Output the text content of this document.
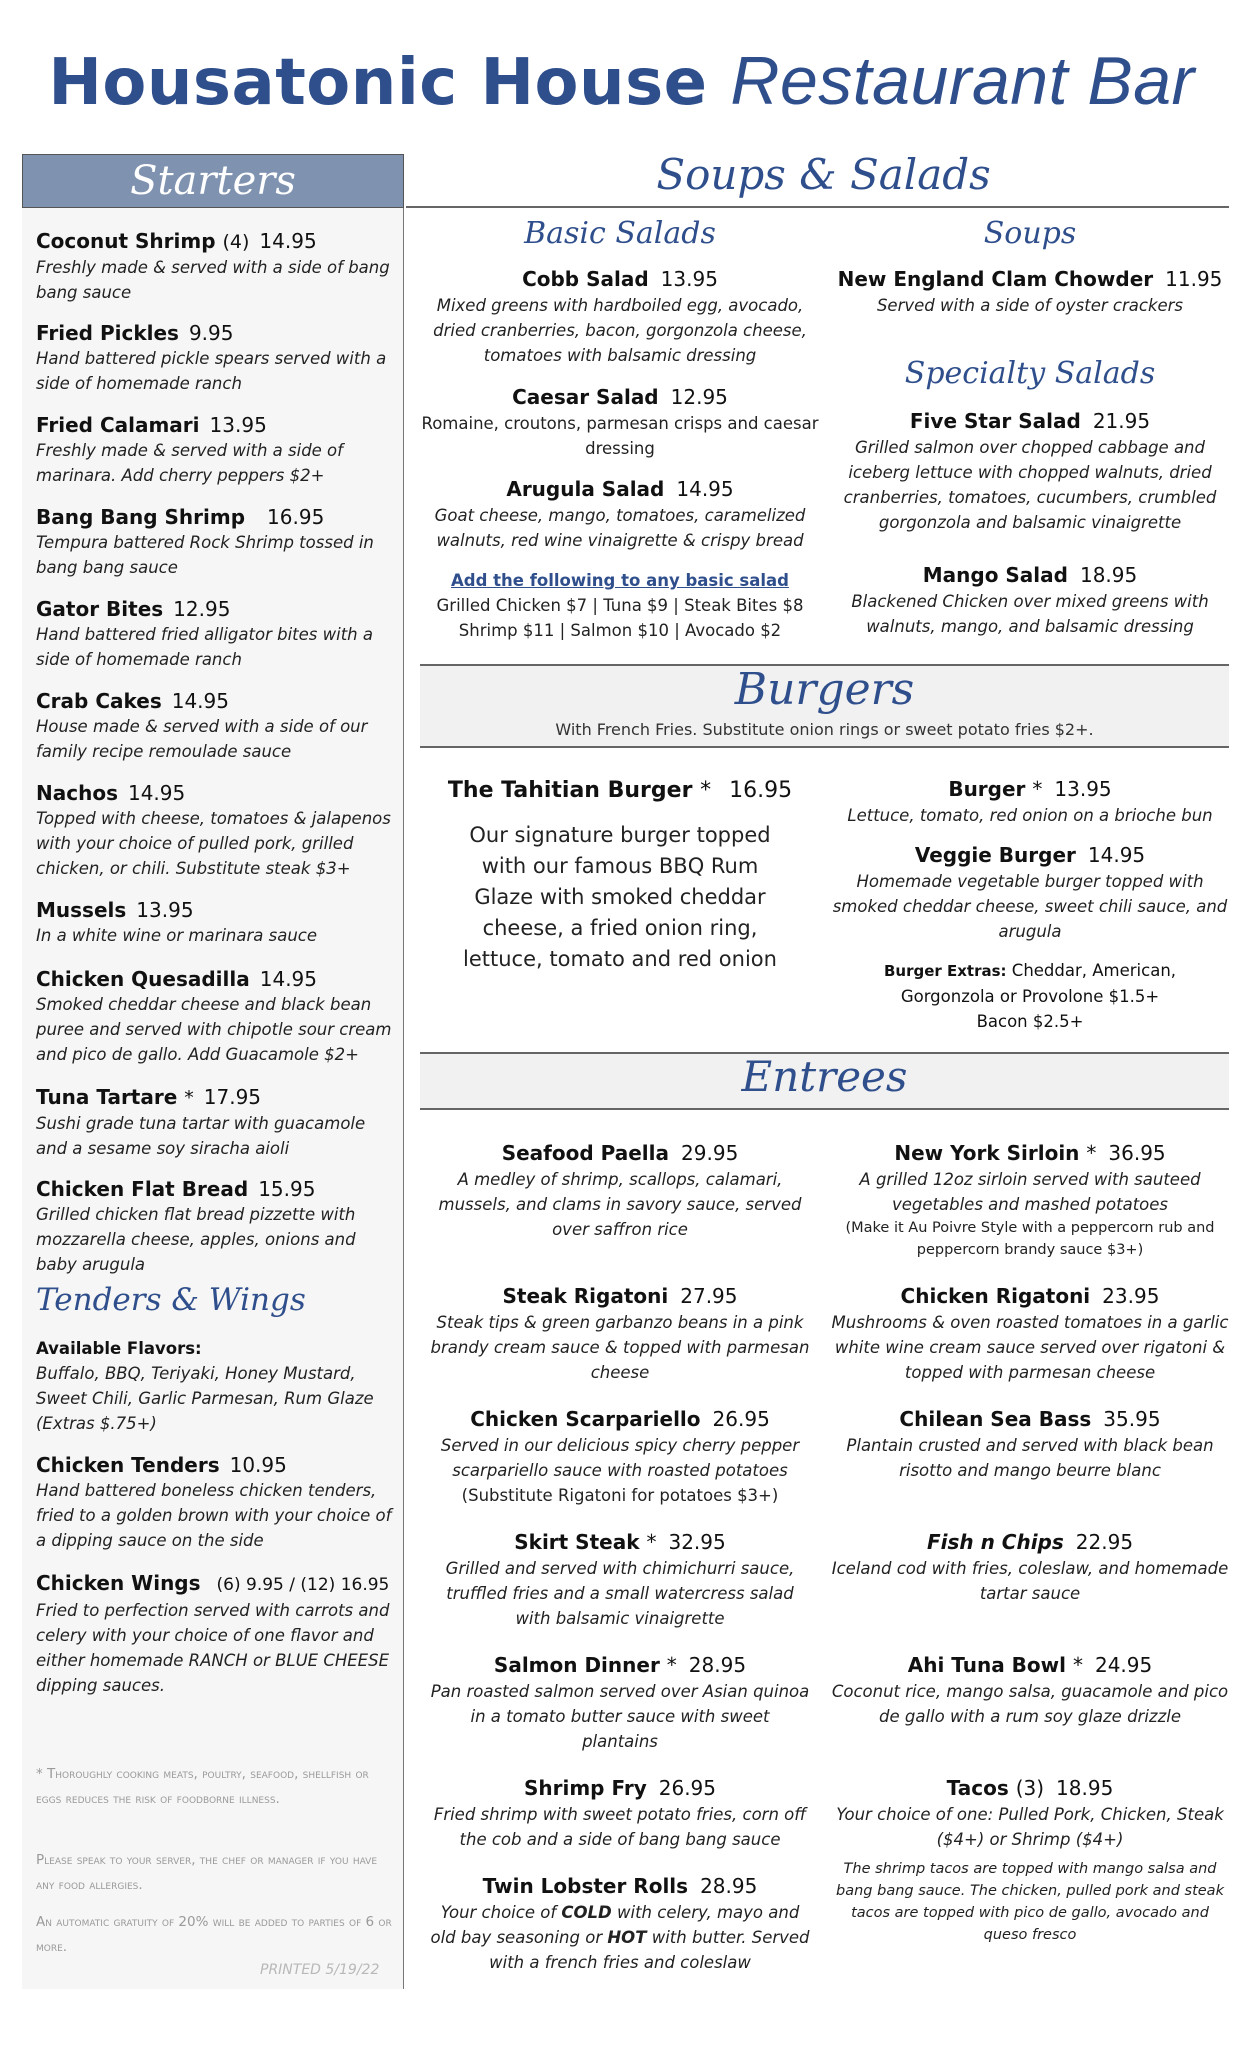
Housatonic House Restaurant Bar
Starters
Coconut Shrimp (4) 14.95
Freshly made & served with a side of bang bang sauce
Fried Pickles 9.95
Hand battered pickle spears served with a side of homemade ranch
Fried Calamari 13.95
Freshly made & served with a side of marinara. Add cherry peppers $2+
Bang Bang Shrimp 16.95
Tempura battered Rock Shrimp tossed in bang bang sauce
Gator Bites 12.95
Hand battered fried alligator bites with a side of homemade ranch
Crab Cakes 14.95
House made & served with a side of our family recipe remoulade sauce
Nachos 14.95
Topped with cheese, tomatoes & jalapenos with your choice of pulled pork, grilled chicken, or chili. Substitute steak $3+
Mussels 13.95
In a white wine or marinara sauce
Chicken Quesadilla 14.95
Smoked cheddar cheese and black bean puree and served with chipotle sour cream and pico de gallo. Add Guacamole $2+
Tuna Tartare * 17.95
Sushi grade tuna tartar with guacamole and a sesame soy siracha aioli
Chicken Flat Bread 15.95
Grilled chicken flat bread pizzette with mozzarella cheese, apples, onions and baby arugula
Tenders & Wings
Available Flavors:
Buffalo, BBQ, Teriyaki, Honey Mustard, Sweet Chili, Garlic Parmesan, Rum Glaze (Extras $.75+)
Chicken Tenders 10.95
Hand battered boneless chicken tenders, fried to a golden brown with your choice of a dipping sauce on the side
Chicken Wings (6) 9.95 / (12) 16.95
Fried to perfection served with carrots and celery with your choice of one flavor and either homemade RANCH or BLUE CHEESE dipping sauces.
* Thoroughly cooking meats, poultry, seafood, shellfish or eggs reduces the risk of foodborne illness.
Please speak to your server, the chef or manager if you have any food allergies.
An automatic gratuity of 20% will be added to parties of 6 or more.
PRINTED 5/19/22
Soups & Salads
Basic Salads
Cobb Salad 13.95
Mixed greens with hardboiled egg, avocado, dried cranberries, bacon, gorgonzola cheese, tomatoes with balsamic dressing
Caesar Salad 12.95
Romaine, croutons, parmesan crisps and caesar dressing
Arugula Salad 14.95
Goat cheese, mango, tomatoes, caramelized walnuts, red wine vinaigrette & crispy bread
Add the following to any basic salad
Grilled Chicken $7 | Tuna $9 | Steak Bites $8
Shrimp $11 | Salmon $10 | Avocado $2
Soups
New England Clam Chowder 11.95
Served with a side of oyster crackers
Specialty Salads
Five Star Salad 21.95
Grilled salmon over chopped cabbage and iceberg lettuce with chopped walnuts, dried cranberries, tomatoes, cucumbers, crumbled gorgonzola and balsamic vinaigrette
Mango Salad 18.95
Blackened Chicken over mixed greens with walnuts, mango, and balsamic dressing
Burgers
With French Fries. Substitute onion rings or sweet potato fries $2+.
The Tahitian Burger * 16.95
Our signature burger topped with our famous BBQ Rum Glaze with smoked cheddar cheese, a fried onion ring, lettuce, tomato and red onion
Burger * 13.95
Lettuce, tomato, red onion on a brioche bun
Veggie Burger 14.95
Homemade vegetable burger topped with smoked cheddar cheese, sweet chili sauce, and arugula
Burger Extras: Cheddar, American,
Gorgonzola or Provolone $1.5+
Bacon $2.5+
Entrees
Seafood Paella 29.95
A medley of shrimp, scallops, calamari, mussels, and clams in savory sauce, served over saffron rice
Steak Rigatoni 27.95
Steak tips & green garbanzo beans in a pink brandy cream sauce & topped with parmesan cheese
Chicken Scarpariello 26.95
Served in our delicious spicy cherry pepper scarpariello sauce with roasted potatoes
(Substitute Rigatoni for potatoes $3+)
Skirt Steak * 32.95
Grilled and served with chimichurri sauce, truffled fries and a small watercress salad with balsamic vinaigrette
Salmon Dinner * 28.95
Pan roasted salmon served over Asian quinoa in a tomato butter sauce with sweet plantains
Shrimp Fry 26.95
Fried shrimp with sweet potato fries, corn off the cob and a side of bang bang sauce
Twin Lobster Rolls 28.95
Your choice of COLD with celery, mayo and old bay seasoning or HOT with butter. Served with a french fries and coleslaw
New York Sirloin * 36.95
A grilled 12oz sirloin served with sauteed vegetables and mashed potatoes
(Make it Au Poivre Style with a peppercorn rub and peppercorn brandy sauce $3+)
Chicken Rigatoni 23.95
Mushrooms & oven roasted tomatoes in a garlic white wine cream sauce served over rigatoni & topped with parmesan cheese
Chilean Sea Bass 35.95
Plantain crusted and served with black bean risotto and mango beurre blanc
Fish n Chips 22.95
Iceland cod with fries, coleslaw, and homemade tartar sauce
Ahi Tuna Bowl * 24.95
Coconut rice, mango salsa, guacamole and pico de gallo with a rum soy glaze drizzle
Tacos (3) 18.95
Your choice of one: Pulled Pork, Chicken, Steak ($4+) or Shrimp ($4+)
The shrimp tacos are topped with mango salsa and bang bang sauce. The chicken, pulled pork and steak tacos are topped with pico de gallo, avocado and queso fresco
